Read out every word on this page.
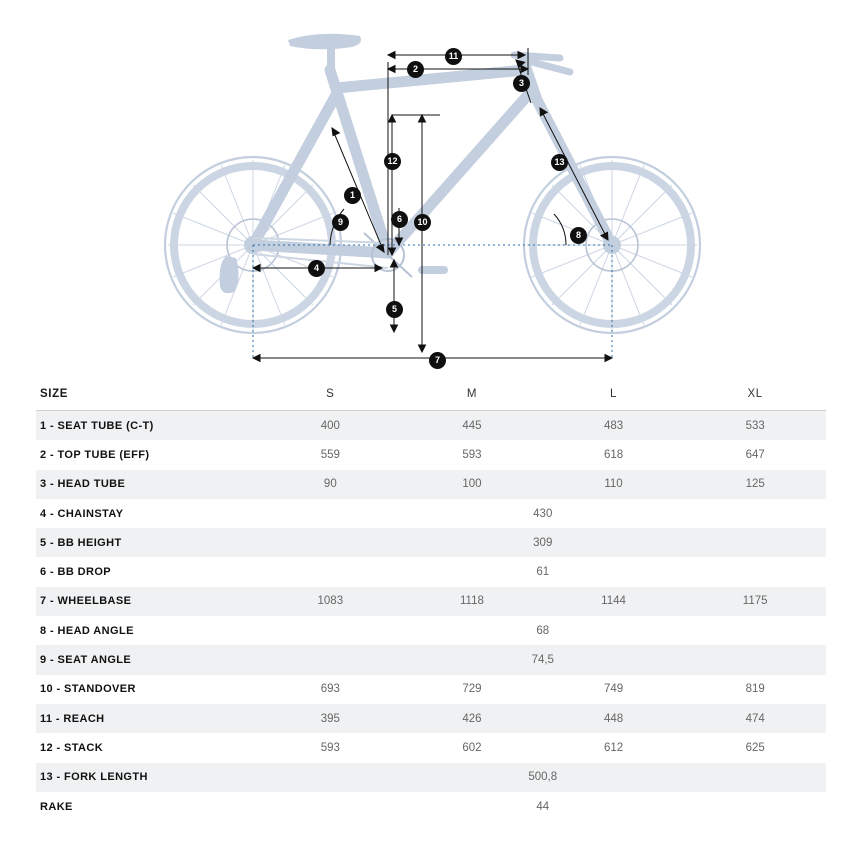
1
2
3
4
5
6
7
8
9	10
11
12	13
SIZE	S	M	L	XL
1 - SEAT TUBE (C-T)	400	445	483	533
2 - TOP TUBE (EFF)	559	593	618	647
3 - HEAD TUBE	90	100	110	125
4 - CHAINSTAY	430			
5 - BB HEIGHT	309			
6 - BB DROP	61			
7 - WHEELBASE	1083	1118	1144	1175
8 - HEAD ANGLE	68			
9 - SEAT ANGLE	74,5			
10 - STANDOVER	693	729	749	819
11 - REACH	395	426	448	474
12 - STACK	593	602	612	625
13 - FORK LENGTH	500,8			
RAKE	44			
